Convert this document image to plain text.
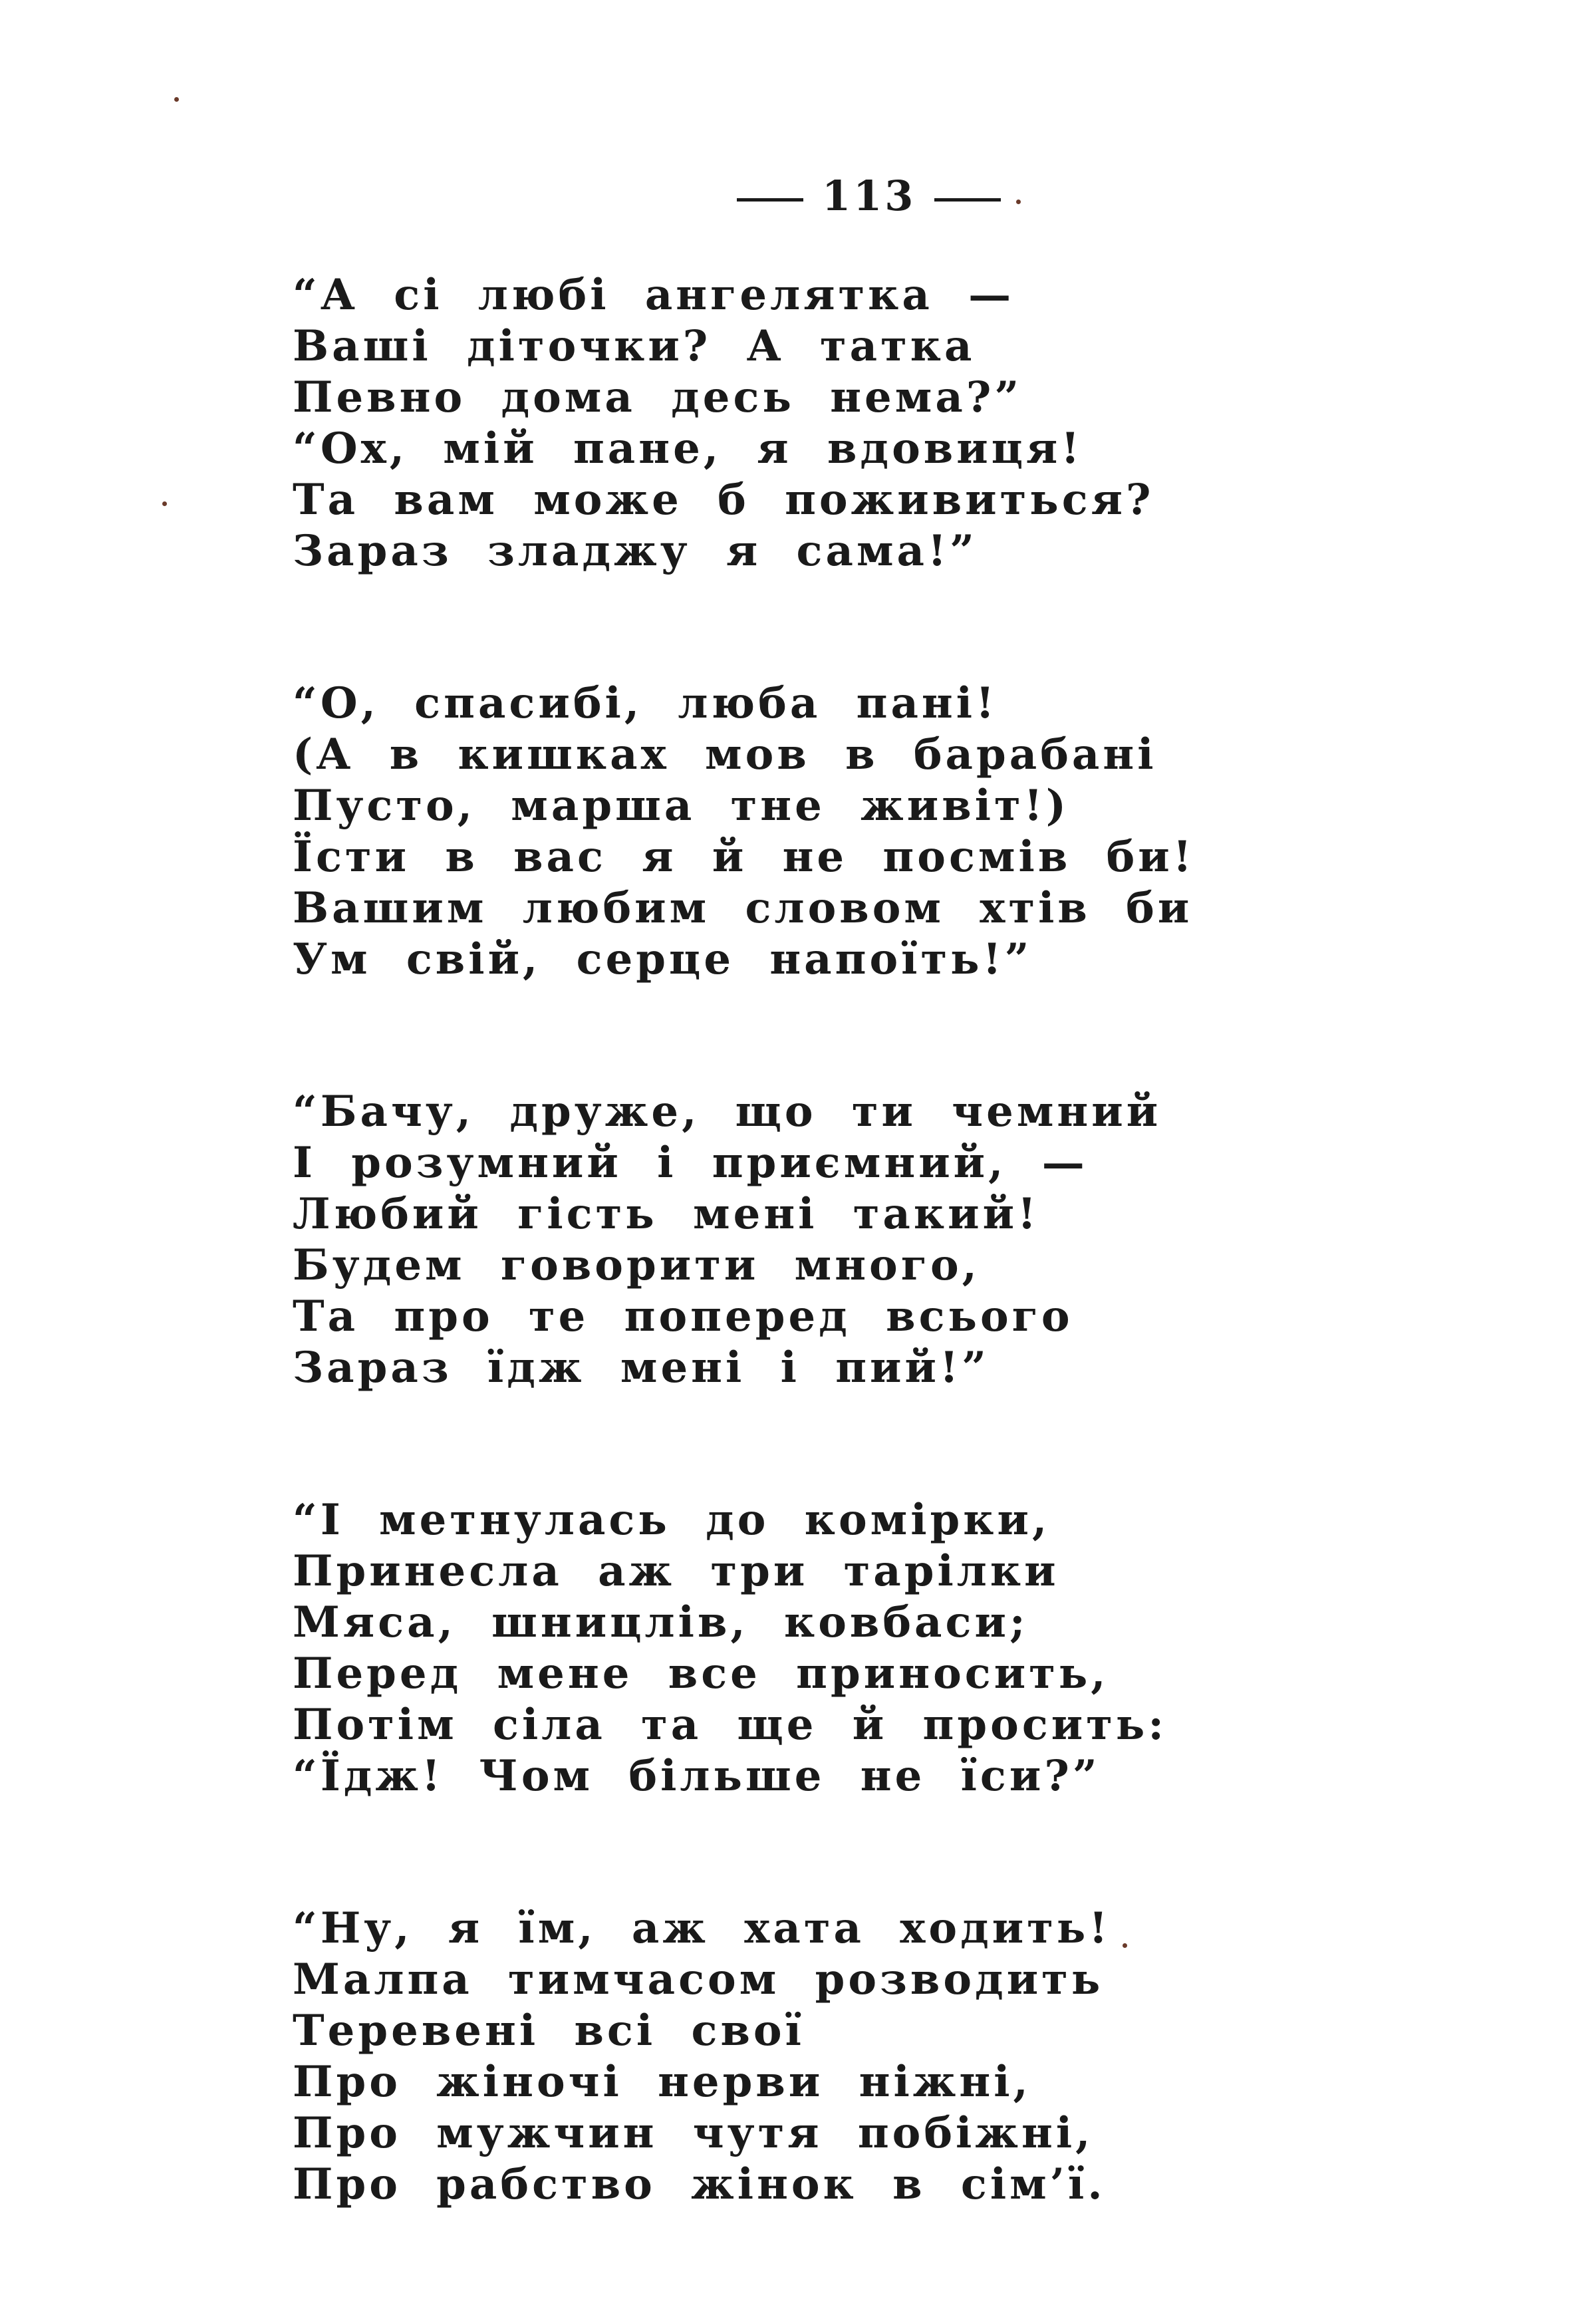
113
“А сі любі ангелятка —
Ваші діточки? А татка
Певно дома десь нема?”
“Ох, мій пане, я вдовиця!
Та вам може б поживиться?
Зараз зладжу я сама!”
“О, спасибі, люба пані!
(А в кишках мов в барабані
Пусто, марша тне живіт!)
Їсти в вас я й не посмів би!
Вашим любим словом хтів би
Ум свій, серце напоїть!”
“Бачу, друже, що ти чемний
І розумний і приємний, —
Любий гість мені такий!
Будем говорити много,
Та про те поперед всього
Зараз їдж мені і пий!”
“І метнулась до комірки,
Принесла аж три тарілки
Мяса, шницлів, ковбаси;
Перед мене все приносить,
Потім сіла та ще й просить:
“Їдж! Чом більше не їси?”
“Ну, я їм, аж хата ходить!
Малпа тимчасом розводить
Теревені всі свої
Про жіночі нерви ніжні,
Про мужчин чутя побіжні,
Про рабство жінок в сім’ї.
